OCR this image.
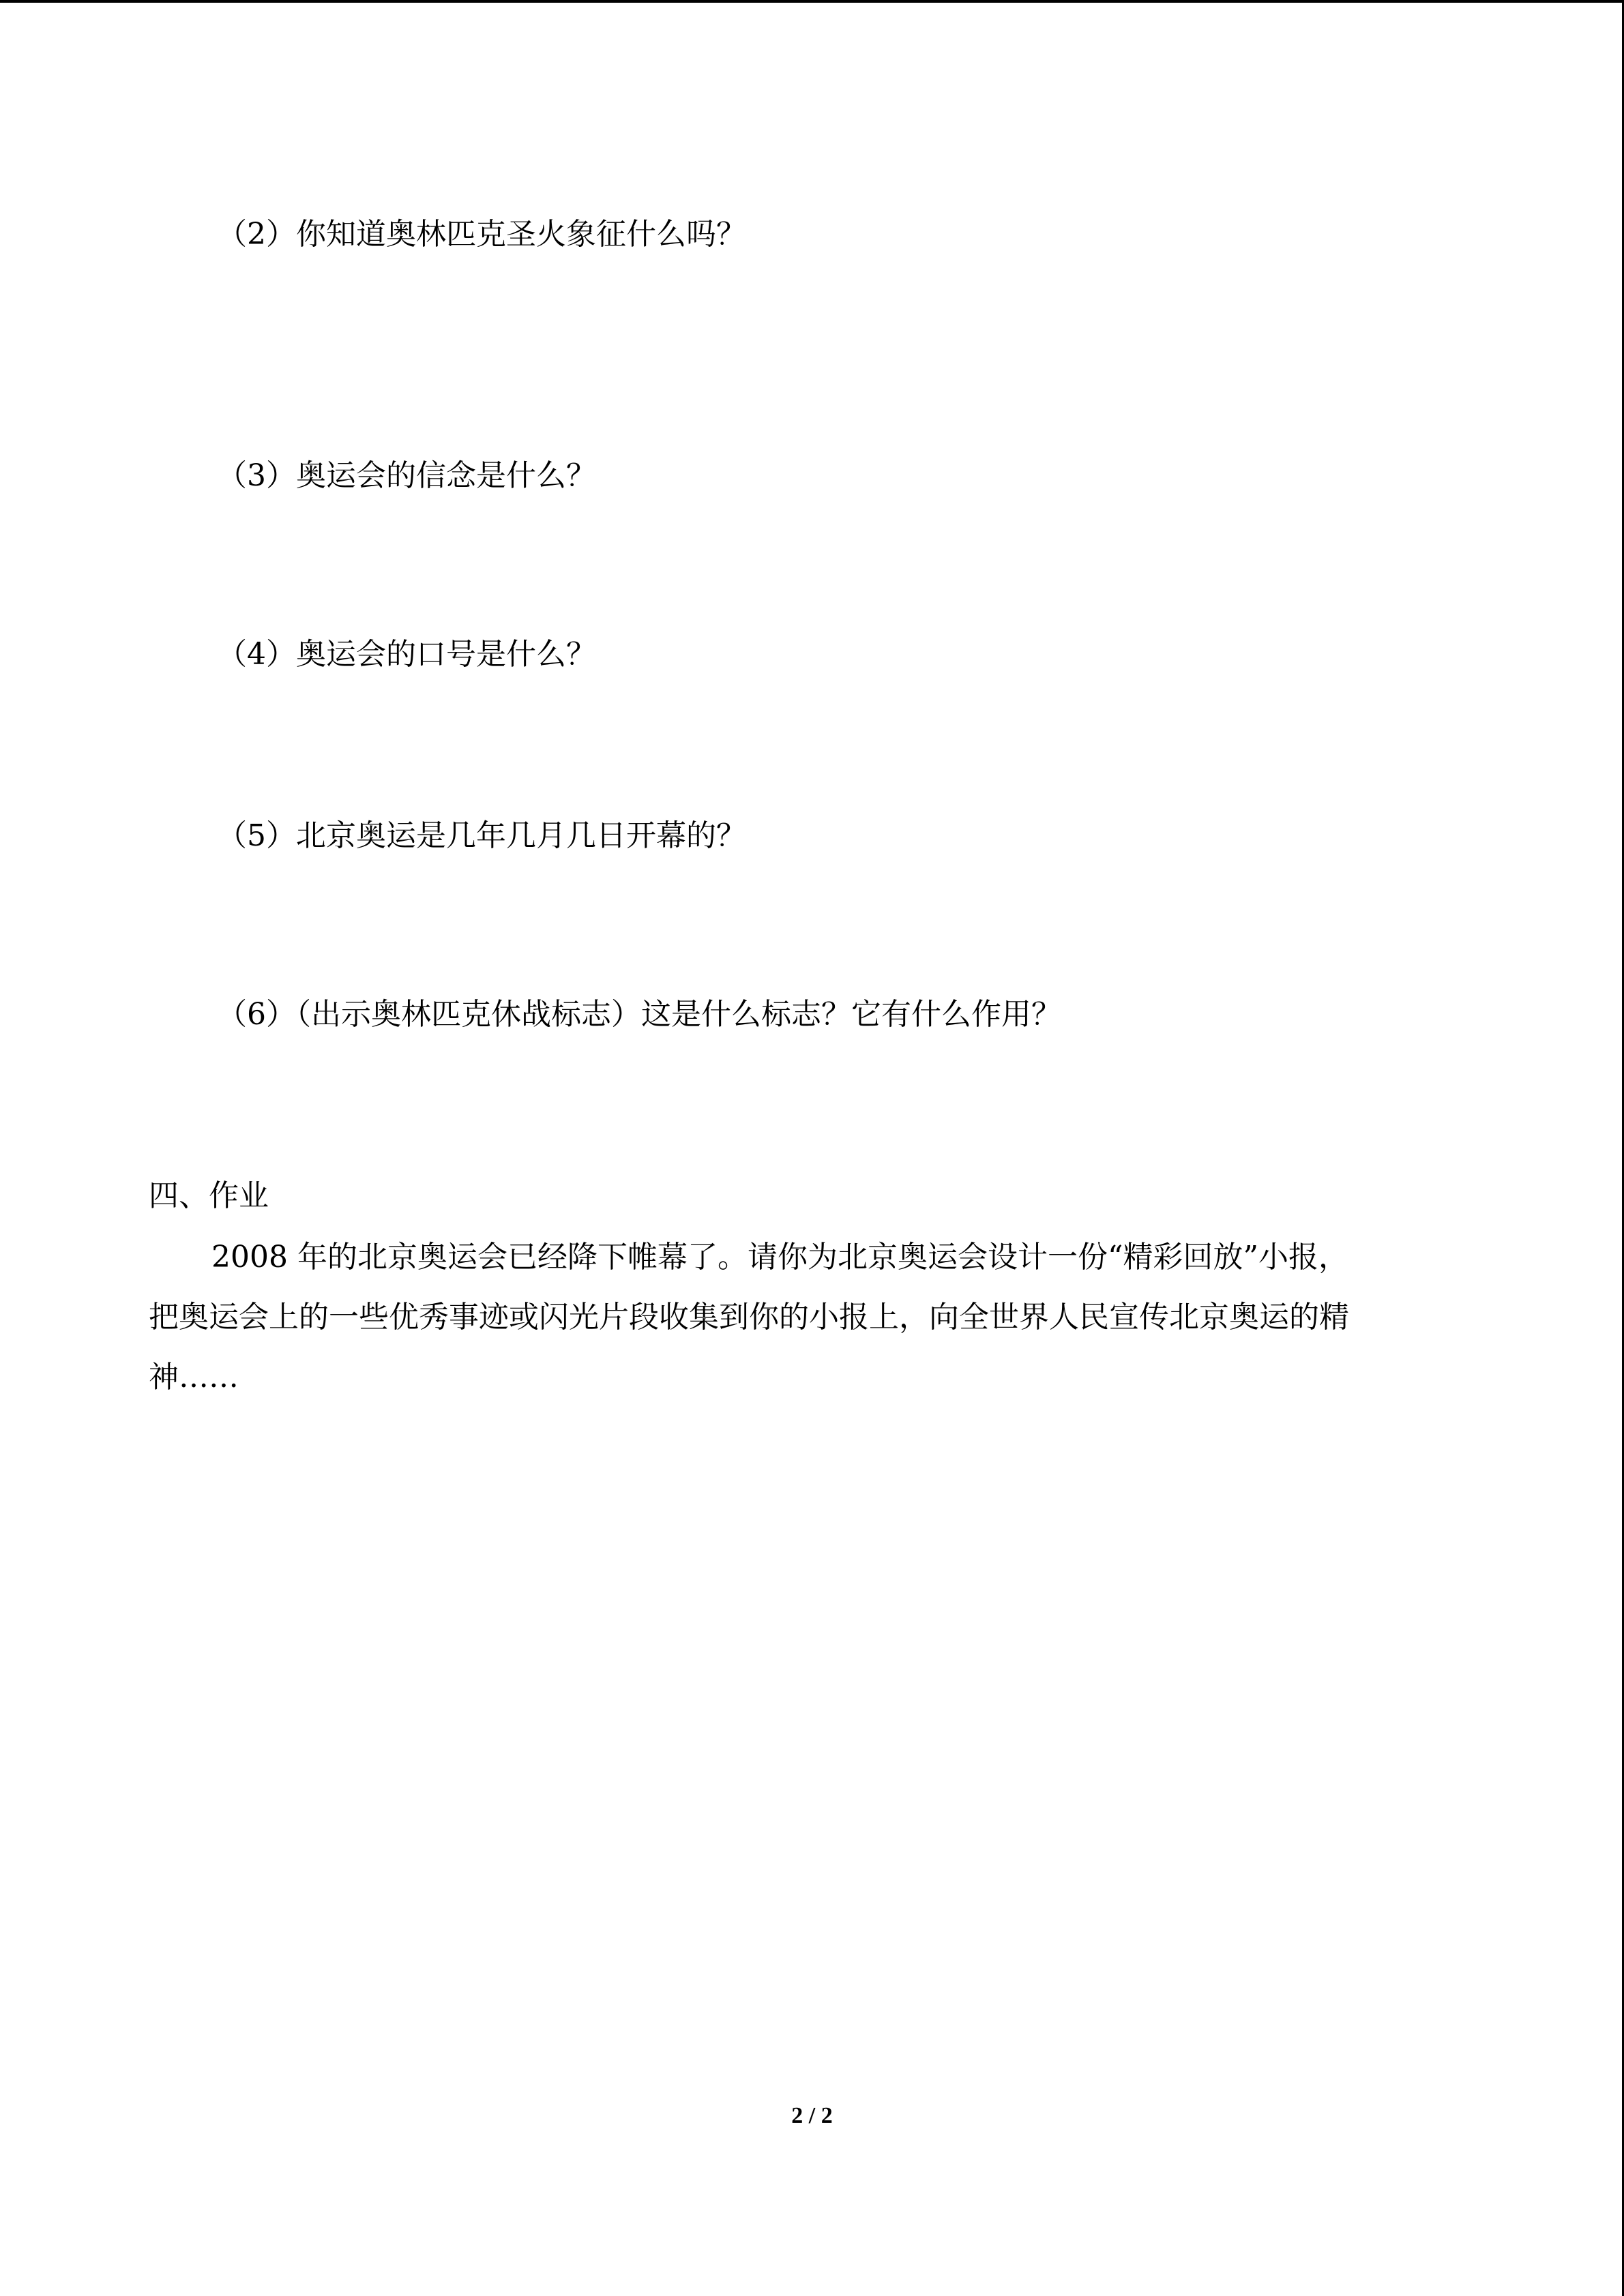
（2）你知道奥林匹克圣火象征什么吗？
（3）奥运会的信念是什么？
（4）奥运会的口号是什么？
（5）北京奥运是几年几月几日开幕的？
（6）（出示奥林匹克休战标志）这是什么标志？它有什么作用？
四、作业
2008 年的北京奥运会已经降下帷幕了。请你为北京奥运会设计一份“精彩回放”小报，
把奥运会上的一些优秀事迹或闪光片段收集到你的小报上，向全世界人民宣传北京奥运的精
神……
2 / 2
